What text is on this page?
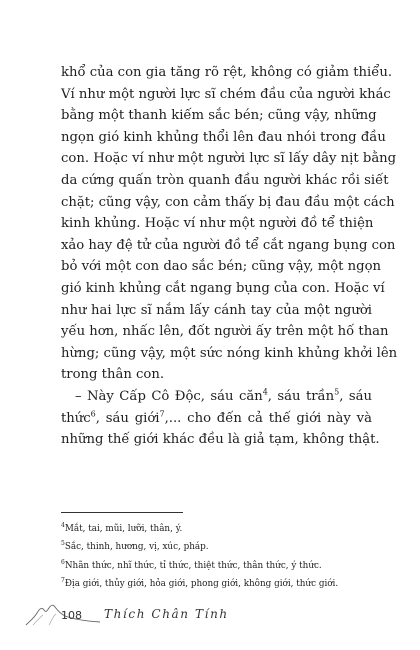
khổ của con gia tăng rõ rệt, không có giảm thiểu.
Ví như một người lực sĩ chém đầu của người khác
bằng một thanh kiếm sắc bén; cũng vậy, những
ngọn gió kinh khủng thổi lên đau nhói trong đầu
con. Hoặc ví như một người lực sĩ lấy dây nịt bằng
da cứng quấn tròn quanh đầu người khác rồi siết
chặt; cũng vậy, con cảm thấy bị đau đầu một cách
kinh khủng. Hoặc ví như một người đồ tể thiện
xảo hay đệ tử của người đồ tể cắt ngang bụng con
bỏ với một con dao sắc bén; cũng vậy, một ngọn
gió kinh khủng cắt ngang bụng của con. Hoặc ví
như hai lực sĩ nắm lấy cánh tay của một người
yếu hơn, nhấc lên, đốt người ấy trên một hố than
hừng; cũng vậy, một sức nóng kinh khủng khởi lên
trong thân con.
– Này Cấp Cô Độc, sáu căn$^4$, sáu trần$^5$, sáu
thức$^6$, sáu giới$^7$,... cho đến cả thế giới này và
những thế giới khác đều là giả tạm, không thật.
$^4$Mắt, tai, mũi, lưỡi, thân, ý.
$^5$Sắc, thinh, hương, vị, xúc, pháp.
$^6$Nhãn thức, nhĩ thức, tỉ thức, thiệt thức, thân thức, ý thức.
$^7$Địa giới, thủy giới, hỏa giới, phong giới, không giới, thức giới.
108 Thích Chân Tính
